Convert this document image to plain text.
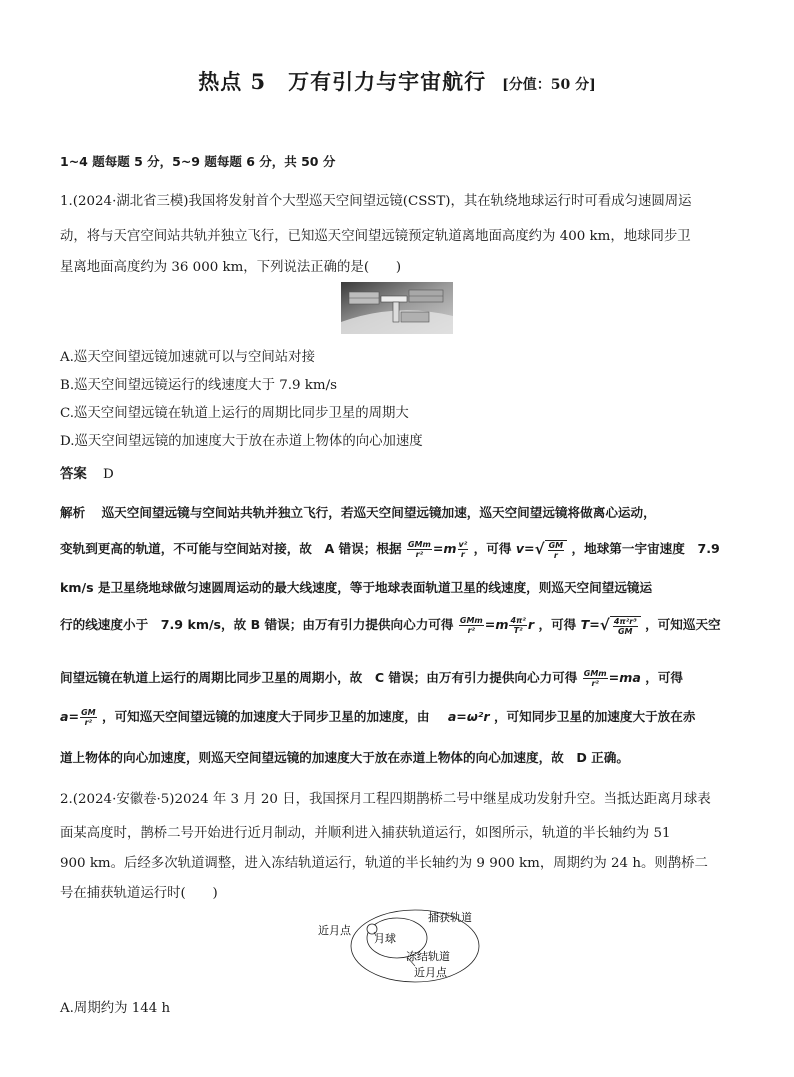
热点 5　万有引力与宇宙航行 [分值：50 分]
1~4 题每题 5 分，5~9 题每题 6 分，共 50 分
1.(2024·湖北省三模)我国将发射首个大型巡天空间望远镜(CSST)，其在轨绕地球运行时可看成匀速圆周运
动，将与天宫空间站共轨并独立飞行，已知巡天空间望远镜预定轨道离地面高度约为 400 km，地球同步卫
星离地面高度约为 36 000 km，下列说法正确的是(　　)
A.巡天空间望远镜加速就可以与空间站对接
B.巡天空间望远镜运行的线速度大于 7.9 km/s
C.巡天空间望远镜在轨道上运行的周期比同步卫星的周期大
D.巡天空间望远镜的加速度大于放在赤道上物体的向心加速度
答案 D
解析 巡天空间望远镜与空间站共轨并独立飞行，若巡天空间望远镜加速，巡天空间望远镜将做离心运动，
变轨到更高的轨道，不可能与空间站对接，故　A 错误；根据 $\frac{\text{GMm}}{\text{r²}} =m \frac{\text{v²}}{r}$ ，可得 v= √ $\frac{GM}{r}$ ，地球第一宇宙速度　7.9
km/s 是卫星绕地球做匀速圆周运动的最大线速度，等于地球表面轨道卫星的线速度，则巡天空间望远镜运
行的线速度小于　7.9 km/s，故 B 错误；由万有引力提供向心力可得 $\frac{\text{GMm}}{\text{r²}} =m \frac{\text{4π²}}{\text{T²}}$ r ，可得 T= √ $\frac{\text{4π²r³}}{GM}$ ，可知巡天空
间望远镜在轨道上运行的周期比同步卫星的周期小，故　C 错误；由万有引力提供向心力可得 $\frac{\text{GMm}}{\text{r²}} =ma$ ，可得
$a= \frac{GM}{\text{r²}}$ ，可知巡天空间望远镜的加速度大于同步卫星的加速度，由 a=ω²r ，可知同步卫星的加速度大于放在赤
道上物体的向心加速度，则巡天空间望远镜的加速度大于放在赤道上物体的向心加速度，故　D 正确。
2.(2024·安徽卷·5)2024 年 3 月 20 日，我国探月工程四期鹊桥二号中继星成功发射升空。当抵达距离月球表
面某高度时，鹊桥二号开始进行近月制动，并顺利进入捕获轨道运行，如图所示，轨道的半长轴约为 51
900 km。后经多次轨道调整，进入冻结轨道运行，轨道的半长轴约为 9 900 km，周期约为 24 h。则鹊桥二
号在捕获轨道运行时(　　)
近月点
捕获轨道
月球
冻结轨道
近月点
A.周期约为 144 h
